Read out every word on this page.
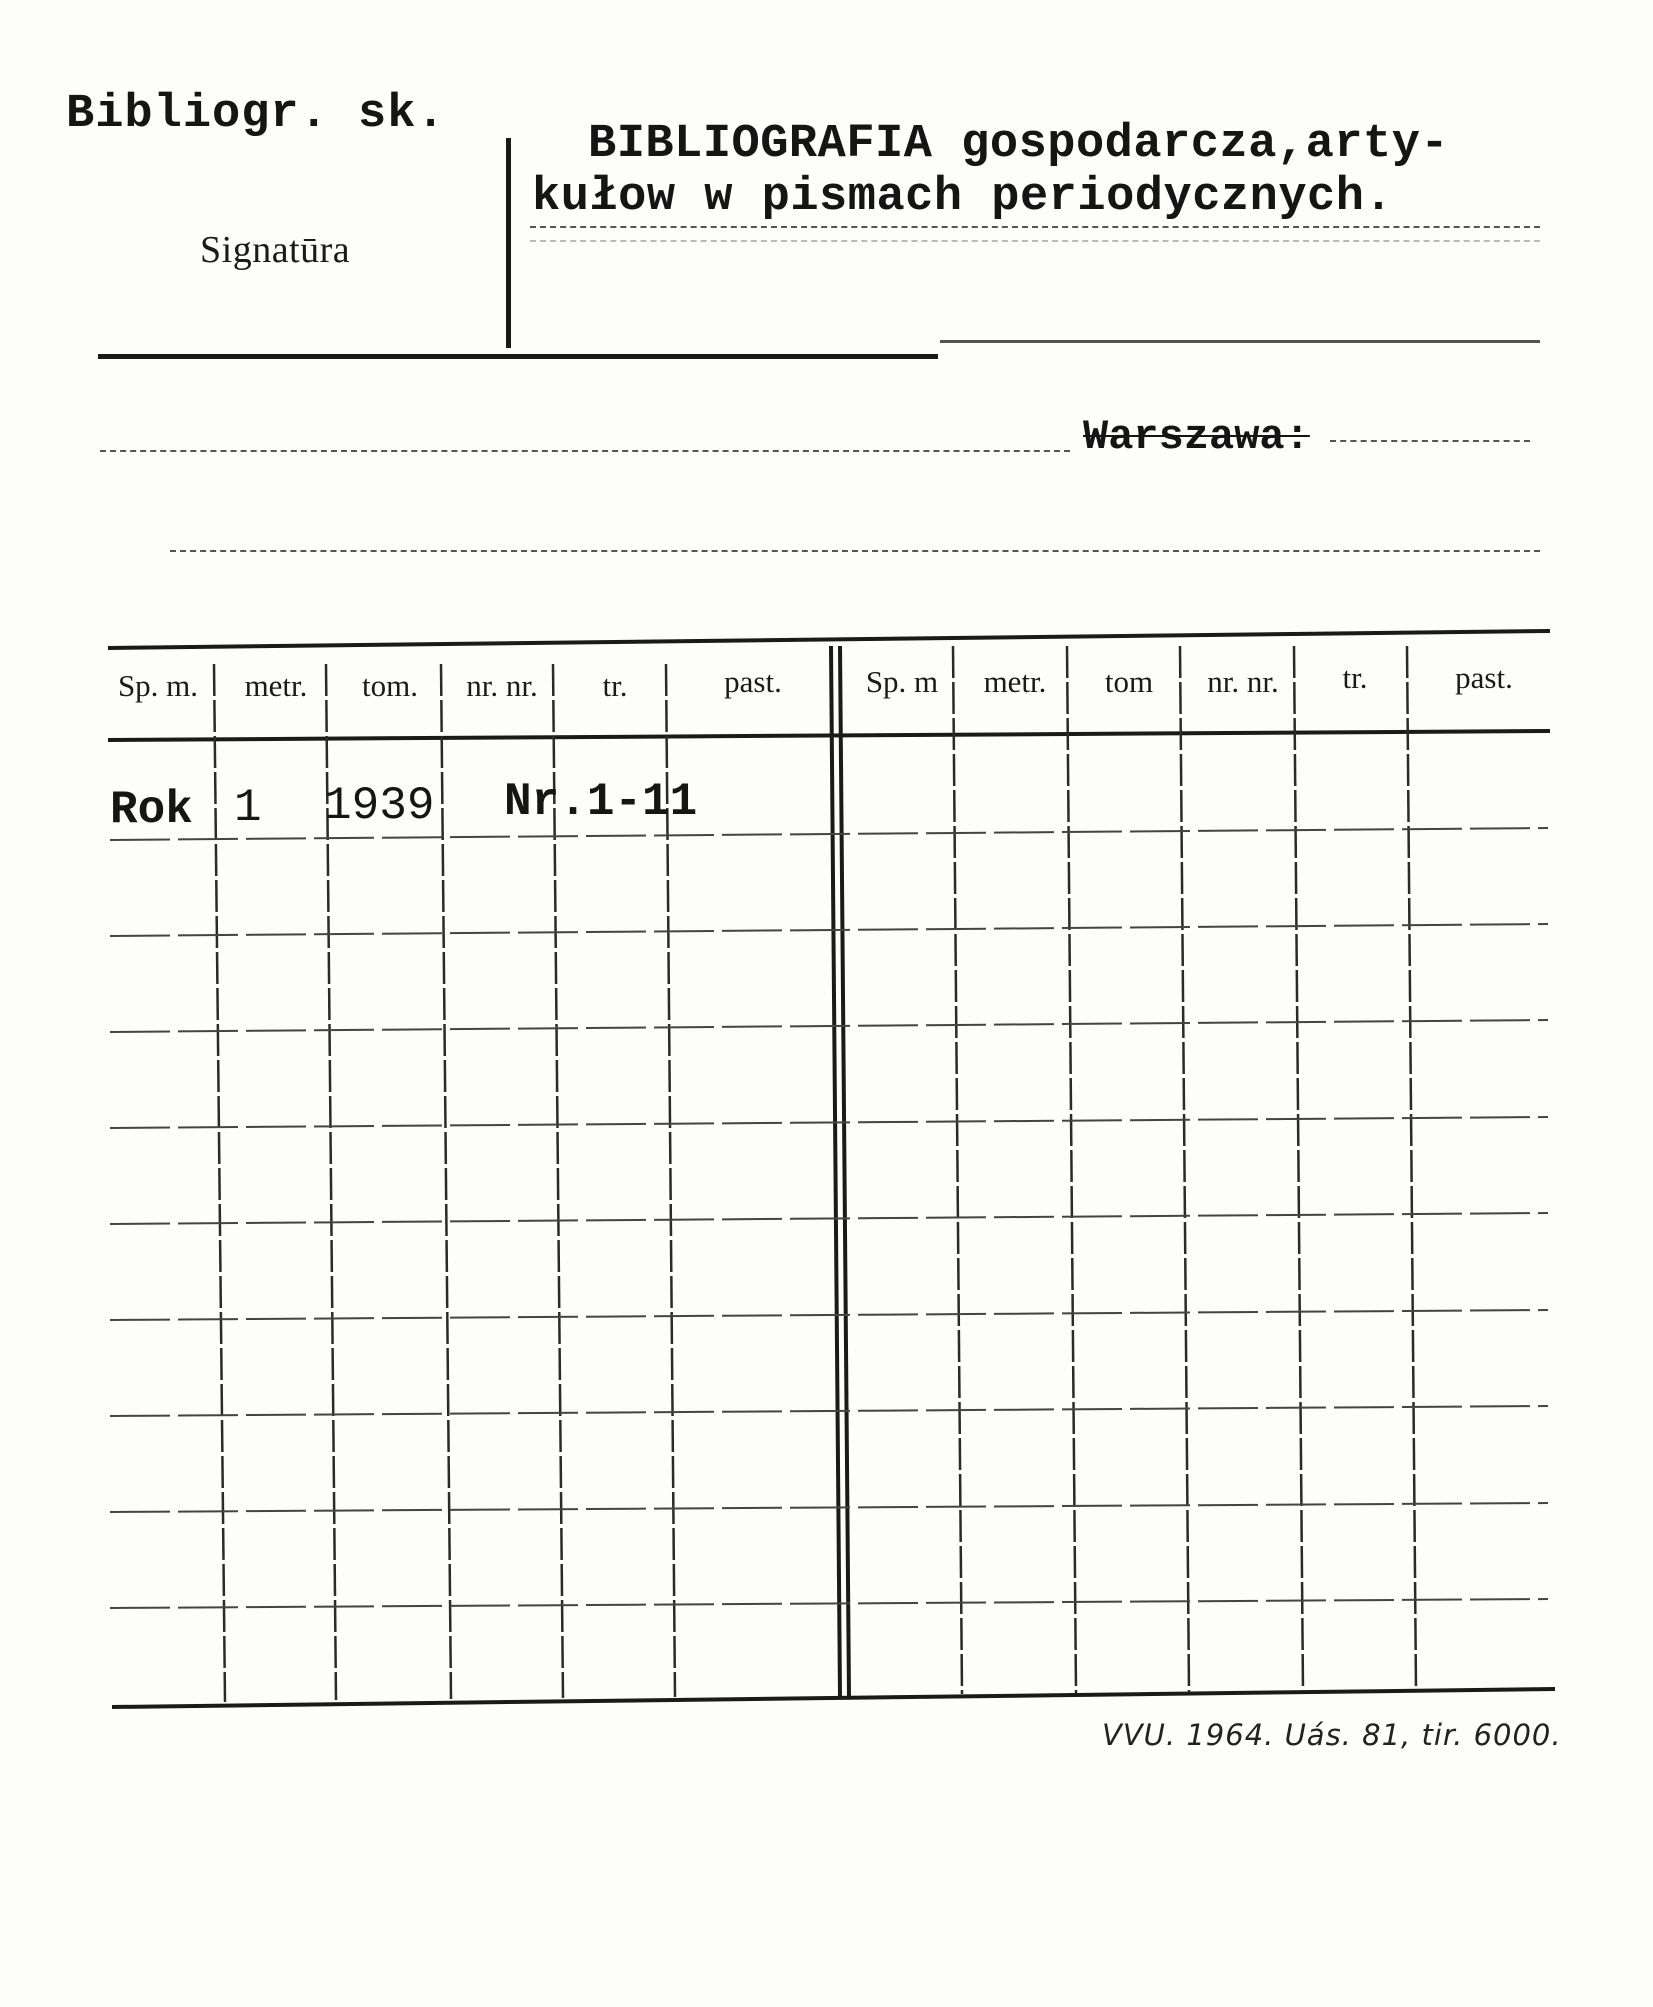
Bibliogr. sk.
Signatūra
BIBLIOGRAFIA gospodarcza,arty-
kułow w pismach periodycznych.
Warszawa:
Sp. m.	metr.	tom.	nr. nr.	tr.	past.	Sp. m	metr.	tom	nr. nr.	tr.	past.
Rok 1 1939 Nr.1-11
VVU. 1964. Uás. 81, tir. 6000.
